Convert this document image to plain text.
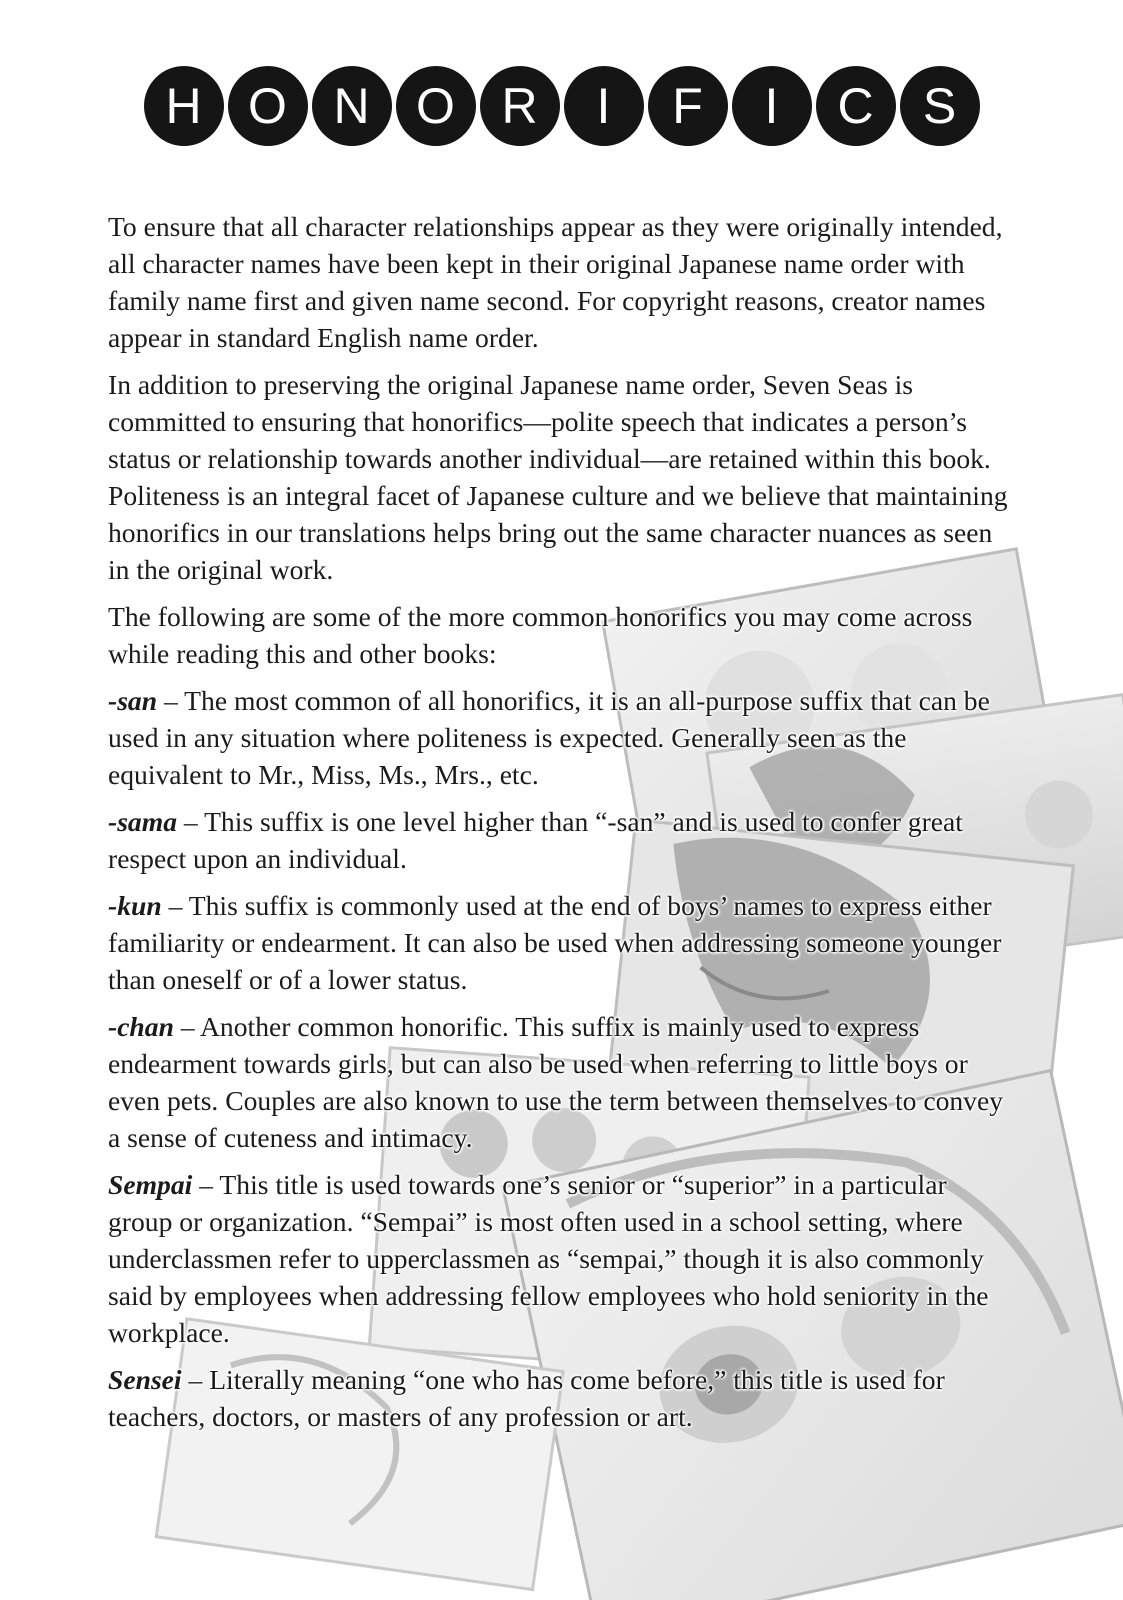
H O N O R	I	F	I	C S

To ensure that all character relationships appear as they were originally intended, all character names have been kept in their original Japanese name order with family name first and given name second. For copyright reasons, creator names appear in standard English name order.

In addition to preserving the original Japanese name order, Seven Seas is committed to ensuring that honorifics—polite speech that indicates a person’s status or relationship towards another individual—are retained within this book. Politeness is an integral facet of Japanese culture and we believe that maintaining honorifics in our translations helps bring out the same character nuances as seen in the original work.

The following are some of the more common honorifics you may come across while reading this and other books:

-san – The most common of all honorifics, it is an all-purpose suffix that can be used in any situation where politeness is expected. Generally seen as the equivalent to Mr., Miss, Ms., Mrs., etc.

-sama – This suffix is one level higher than “-san” and is used to confer great respect upon an individual.

-kun – This suffix is commonly used at the end of boys’ names to express either familiarity or endearment. It can also be used when addressing someone younger than oneself or of a lower status.

-chan – Another common honorific. This suffix is mainly used to express endearment towards girls, but can also be used when referring to little boys or even pets. Couples are also known to use the term between themselves to convey a sense of cuteness and intimacy.

Sempai – This title is used towards one’s senior or “superior” in a particular group or organization. “Sempai” is most often used in a school setting, where underclassmen refer to upperclassmen as “sempai,” though it is also commonly said by employees when addressing fellow employees who hold seniority in the workplace.

Sensei – Literally meaning “one who has come before,” this title is used for teachers, doctors, or masters of any profession or art.
